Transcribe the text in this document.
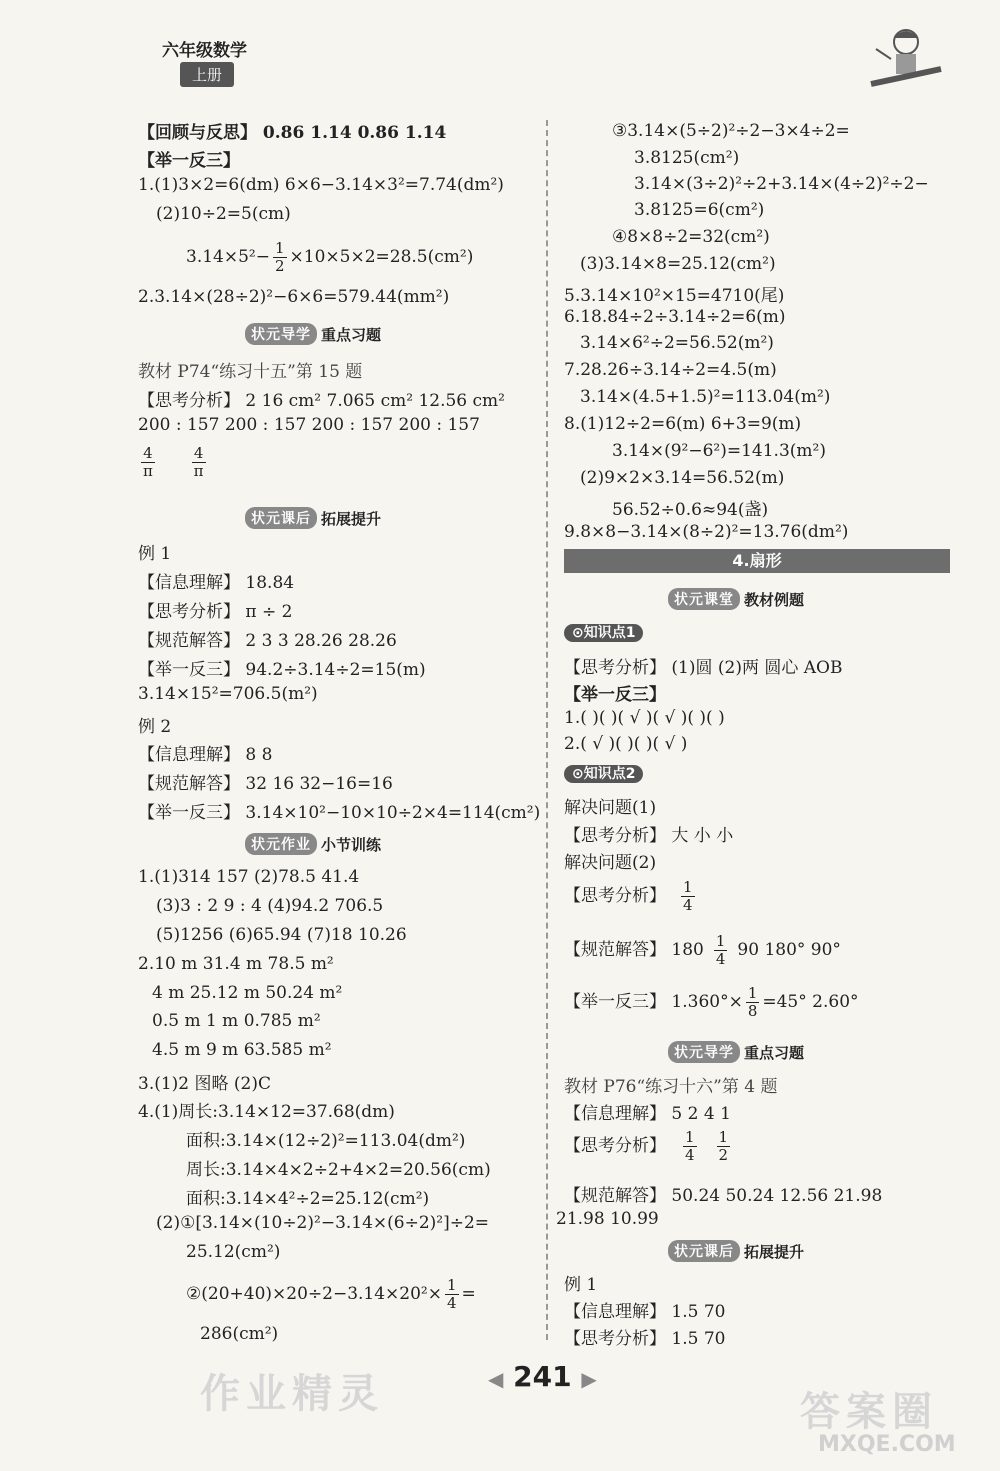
六年级数学
上册
【回顾与反思】 0.86 1.14 0.86 1.14
【举一反三】
1.(1)3×2=6(dm) 6×6−3.14×3²=7.74(dm²)
(2)10÷2=5(cm)
$3.14\times 5^2- \frac{1}{2} \times 10\times 5\times 2=28.5(cm^2)$
2.3.14×(28÷2)²−6×6=579.44(mm²)
状元导学 重点习题
教材 P74“练习十五”第 15 题
【思考分析】 2 16 cm² 7.065 cm² 12.56 cm²
200 : 157 200 : 157 200 : 157 200 : 157
$\frac{4}{\pi}$
$\frac{4}{\pi}$
状元课后 拓展提升
例 1
【信息理解】 18.84
【思考分析】 π ÷ 2
【规范解答】 2 3 3 28.26 28.26
【举一反三】 94.2÷3.14÷2=15(m)
3.14×15²=706.5(m²)
例 2
【信息理解】 8 8
【规范解答】 32 16 32−16=16
【举一反三】 3.14×10²−10×10÷2×4=114(cm²)
状元作业 小节训练
1.(1)314 157 (2)78.5 41.4
(3)3 : 2 9 : 4 (4)94.2 706.5
(5)1256 (6)65.94 (7)18 10.26
2.10 m 31.4 m 78.5 m²
4 m 25.12 m 50.24 m²
0.5 m 1 m 0.785 m²
4.5 m 9 m 63.585 m²
3.(1)2 图略 (2)C
4.(1)周长:3.14×12=37.68(dm)
面积:3.14×(12÷2)²=113.04(dm²)
周长:3.14×4×2÷2+4×2=20.56(cm)
面积:3.14×4²÷2=25.12(cm²)
(2)①[3.14×(10÷2)²−3.14×(6÷2)²]÷2=
25.12(cm²)
②(20+40)×20÷2−3.14×20²× $\frac{1}{4}$ =
286(cm²)
③3.14×(5÷2)²÷2−3×4÷2=
3.8125(cm²)
3.14×(3÷2)²÷2+3.14×(4÷2)²÷2−
3.8125=6(cm²)
④8×8÷2=32(cm²)
(3)3.14×8=25.12(cm²)
5.3.14×10²×15=4710(尾)
6.18.84÷2÷3.14÷2=6(m)
3.14×6²÷2=56.52(m²)
7.28.26÷3.14÷2=4.5(m)
3.14×(4.5+1.5)²=113.04(m²)
8.(1)12÷2=6(m) 6+3=9(m)
3.14×(9²−6²)=141.3(m²)
(2)9×2×3.14=56.52(m)
56.52÷0.6≈94(盏)
9.8×8−3.14×(8÷2)²=13.76(dm²)
4.扇形
状元课堂 教材例题
⊙知识点1
【思考分析】 (1)圆 (2)两 圆心 AOB
【举一反三】
1.( )( )( √ )( √ )( )( )
2.( √ )( )( )( √ )
⊙知识点2
解决问题(1)
【思考分析】 大 小 小
解决问题(2)
【思考分析】 $\frac{1}{4}$
【规范解答】 $180 \frac{1}{4} 90$ 180° 90°
【举一反三】 $1.360^\circ\times \frac{1}{8} =45^\circ$ 2.60°
状元导学 重点习题
教材 P76“练习十六”第 4 题
【信息理解】 5 2 4 1
【思考分析】 $\frac{1}{4} \frac{1}{2}$
【规范解答】 50.24 50.24 12.56 21.98
21.98 10.99
状元课后 拓展提升
例 1
【信息理解】 1.5 70
【思考分析】 1.5 70
◀ 241 ▶
作业精灵	答案圈
MXQE.COM
